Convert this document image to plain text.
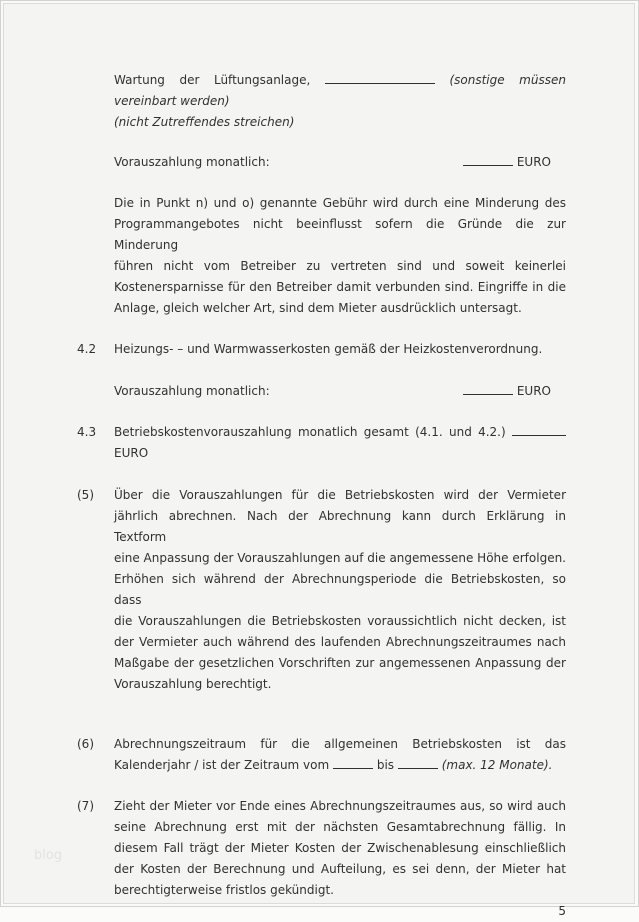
blog
Wartung der Lüftungsanlage,	(sonstige müssen
vereinbart werden)
(nicht Zutreffendes streichen)
Vorauszahlung monatlich:	EURO
Die in Punkt n) und o) genannte Gebühr wird durch eine Minderung des
Programmangebotes nicht beeinflusst sofern die Gründe die zur Minderung
führen nicht vom Betreiber zu vertreten sind und soweit keinerlei
Kostenersparnisse für den Betreiber damit verbunden sind. Eingriffe in die
Anlage, gleich welcher Art, sind dem Mieter ausdrücklich untersagt.
4.2	Heizungs- – und Warmwasserkosten gemäß der Heizkostenverordnung.
Vorauszahlung monatlich:	EURO
4.3	Betriebskostenvorauszahlung monatlich gesamt (4.1. und 4.2.)
EURO
(5)	Über die Vorauszahlungen für die Betriebskosten wird der Vermieter
jährlich abrechnen. Nach der Abrechnung kann durch Erklärung in Textform
eine Anpassung der Vorauszahlungen auf die angemessene Höhe erfolgen.
Erhöhen sich während der Abrechnungsperiode die Betriebskosten, so dass
die Vorauszahlungen die Betriebskosten voraussichtlich nicht decken, ist
der Vermieter auch während des laufenden Abrechnungszeitraumes nach
Maßgabe der gesetzlichen Vorschriften zur angemessenen Anpassung der
Vorauszahlung berechtigt.
(6)	Abrechnungszeitraum für die allgemeinen Betriebskosten ist das
Kalenderjahr / ist der Zeitraum vom	bis	(max. 12 Monate).
(7)	Zieht der Mieter vor Ende eines Abrechnungszeitraumes aus, so wird auch
seine Abrechnung erst mit der nächsten Gesamtabrechnung fällig. In
diesem Fall trägt der Mieter Kosten der Zwischenablesung einschließlich
der Kosten der Berechnung und Aufteilung, es sei denn, der Mieter hat
berechtigterweise fristlos gekündigt.
5
